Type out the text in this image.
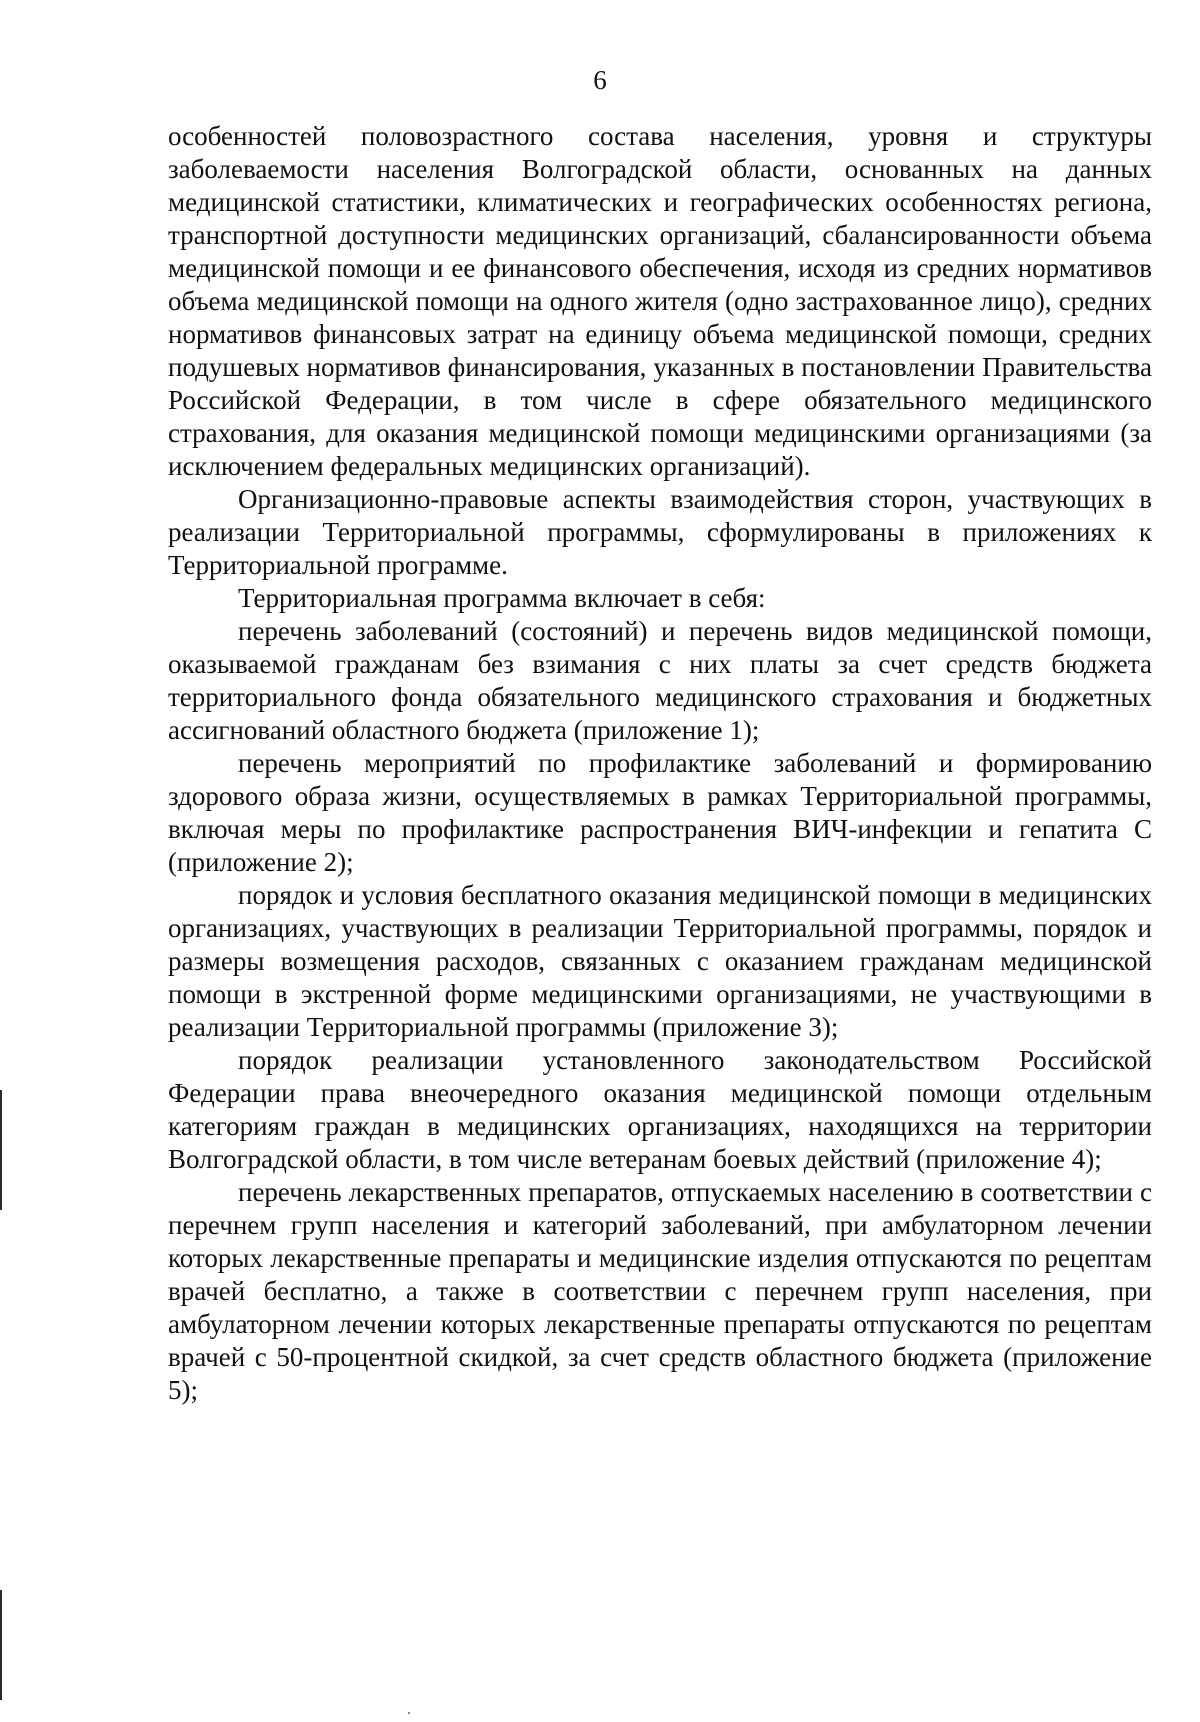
6

особенностей половозрастного состава населения, уровня и структуры заболеваемости населения Волгоградской области, основанных на данных медицинской статистики, климатических и географических особенностях региона, транспортной доступности медицинских организаций, сбалансированности объема медицинской помощи и ее финансового обеспечения, исходя из средних нормативов объема медицинской помощи на одного жителя (одно застрахованное лицо), средних нормативов финансовых затрат на единицу объема медицинской помощи, средних подушевых нормативов финансирования, указанных в постановлении Правительства Российской Федерации, в том числе в сфере обязательного медицинского страхования, для оказания медицинской помощи медицинскими организациями (за исключением федеральных медицинских организаций).

Организационно-правовые аспекты взаимодействия сторон, участвующих в реализации Территориальной программы, сформулированы в приложениях к Территориальной программе.

Территориальная программа включает в себя:

перечень заболеваний (состояний) и перечень видов медицинской помощи, оказываемой гражданам без взимания с них платы за счет средств бюджета территориального фонда обязательного медицинского страхования и бюджетных ассигнований областного бюджета (приложение 1);

перечень мероприятий по профилактике заболеваний и формированию здорового образа жизни, осуществляемых в рамках Территориальной программы, включая меры по профилактике распространения ВИЧ-инфекции и гепатита С (приложение 2);

порядок и условия бесплатного оказания медицинской помощи в медицинских организациях, участвующих в реализации Территориальной программы, порядок и размеры возмещения расходов, связанных с оказанием гражданам медицинской помощи в экстренной форме медицинскими организациями, не участвующими в реализации Территориальной программы (приложение 3);

порядок реализации установленного законодательством Российской Федерации права внеочередного оказания медицинской помощи отдельным категориям граждан в медицинских организациях, находящихся на территории Волгоградской области, в том числе ветеранам боевых действий (приложение 4);

перечень лекарственных препаратов, отпускаемых населению в соответствии с перечнем групп населения и категорий заболеваний, при амбулаторном лечении которых лекарственные препараты и медицинские изделия отпускаются по рецептам врачей бесплатно, а также в соответствии с перечнем групп населения, при амбулаторном лечении которых лекарственные препараты отпускаются по рецептам врачей с 50-процентной скидкой, за счет средств областного бюджета (приложение 5);
